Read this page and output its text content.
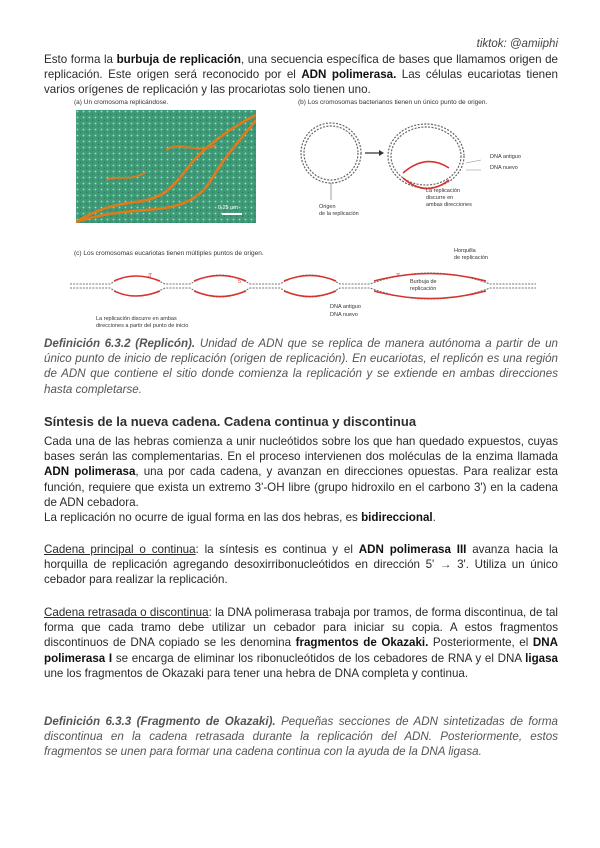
tiktok: @amiiphi
Esto forma la burbuja de replicación, una secuencia específica de bases que llamamos origen de replicación. Este origen será reconocido por el ADN polimerasa. Las células eucariotas tienen varios orígenes de replicación y las procariotas solo tienen uno.
(a) Un cromosoma replicándose.	(b) Los cromosomas bacterianos tienen un único punto de origen.
0,25 μm
DNA antiguo
DNA nuevo
Origen
de la replicación
La replicación
discurre en
ambas direcciones
(c) Los cromosomas eucariotas tienen múltiples puntos de origen.	Horquilla
de replicación
3'
5'
3'
Burbuja de
replicación
DNA antiguo
DNA nuevo
La replicación discurre en ambas
direcciones a partir del punto de inicio
Definición 6.3.2 (Replicón). Unidad de ADN que se replica de manera autónoma a partir de un único punto de inicio de replicación (origen de replicación). En eucariotas, el replicón es una región de ADN que contiene el sitio donde comienza la replicación y se extiende en ambas direcciones hasta completarse.
Síntesis de la nueva cadena. Cadena continua y discontinua
Cada una de las hebras comienza a unir nucleótidos sobre los que han quedado expuestos, cuyas bases serán las complementarias. En el proceso intervienen dos moléculas de la enzima llamada ADN polimerasa, una por cada cadena, y avanzan en direcciones opuestas. Para realizar esta función, requiere que exista un extremo 3'-OH libre (grupo hidroxilo en el carbono 3') en la cadena de ADN cebadora.
La replicación no ocurre de igual forma en las dos hebras, es bidireccional.
Cadena principal o continua: la síntesis es continua y el ADN polimerasa III avanza hacia la horquilla de replicación agregando desoxirribonucleótidos en dirección 5' → 3'. Utiliza un único cebador para realizar la replicación.
Cadena retrasada o discontinua: la DNA polimerasa trabaja por tramos, de forma discontinua, de tal forma que cada tramo debe utilizar un cebador para iniciar su copia. A estos fragmentos discontinuos de DNA copiado se les denomina fragmentos de Okazaki. Posteriormente, el DNA polimerasa I se encarga de eliminar los ribonucleótidos de los cebadores de RNA y el DNA ligasa une los fragmentos de Okazaki para tener una hebra de DNA completa y continua.
Definición 6.3.3 (Fragmento de Okazaki). Pequeñas secciones de ADN sintetizadas de forma discontinua en la cadena retrasada durante la replicación del ADN. Posteriormente, estos fragmentos se unen para formar una cadena continua con la ayuda de la DNA ligasa.
